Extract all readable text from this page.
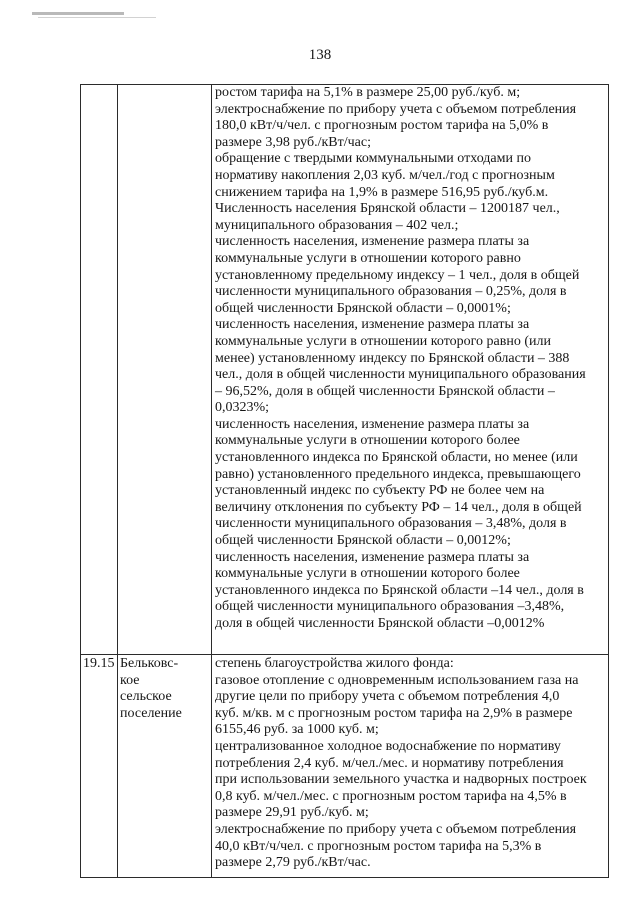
138
ростом тарифа на 5,1% в размере 25,00 руб./куб. м;
электроснабжение по прибору учета с объемом потребления
180,0 кВт/ч/чел. с прогнозным ростом тарифа на 5,0% в
размере 3,98 руб./кВт/час;
обращение с твердыми коммунальными отходами по
нормативу накопления 2,03 куб. м/чел./год с прогнозным
снижением тарифа на 1,9% в размере 516,95 руб./куб.м.
Численность населения Брянской области – 1200187 чел.,
муниципального образования – 402 чел.;
численность населения, изменение размера платы за
коммунальные услуги в отношении которого равно
установленному предельному индексу – 1 чел., доля в общей
численности муниципального образования – 0,25%, доля в
общей численности Брянской области – 0,0001%;
численность населения, изменение размера платы за
коммунальные услуги в отношении которого равно (или
менее) установленному индексу по Брянской области – 388
чел., доля в общей численности муниципального образования
– 96,52%, доля в общей численности Брянской области –
0,0323%;
численность населения, изменение размера платы за
коммунальные услуги в отношении которого более
установленного индекса по Брянской области, но менее (или
равно) установленного предельного индекса, превышающего
установленный индекс по субъекту РФ не более чем на
величину отклонения по субъекту РФ – 14 чел., доля в общей
численности муниципального образования – 3,48%, доля в
общей численности Брянской области – 0,0012%;
численность населения, изменение размера платы за
коммунальные услуги в отношении которого более
установленного индекса по Брянской области –14 чел., доля в
общей численности муниципального образования –3,48%,
доля в общей численности Брянской области –0,0012%
19.15 Бельковс-
кое
сельское
поселение
степень благоустройства жилого фонда:
газовое отопление с одновременным использованием газа на
другие цели по прибору учета с объемом потребления 4,0
куб. м/кв. м с прогнозным ростом тарифа на 2,9% в размере
6155,46 руб. за 1000 куб. м;
централизованное холодное водоснабжение по нормативу
потребления 2,4 куб. м/чел./мес. и нормативу потребления
при использовании земельного участка и надворных построек
0,8 куб. м/чел./мес. с прогнозным ростом тарифа на 4,5% в
размере 29,91 руб./куб. м;
электроснабжение по прибору учета с объемом потребления
40,0 кВт/ч/чел. с прогнозным ростом тарифа на 5,3% в
размере 2,79 руб./кВт/час.
